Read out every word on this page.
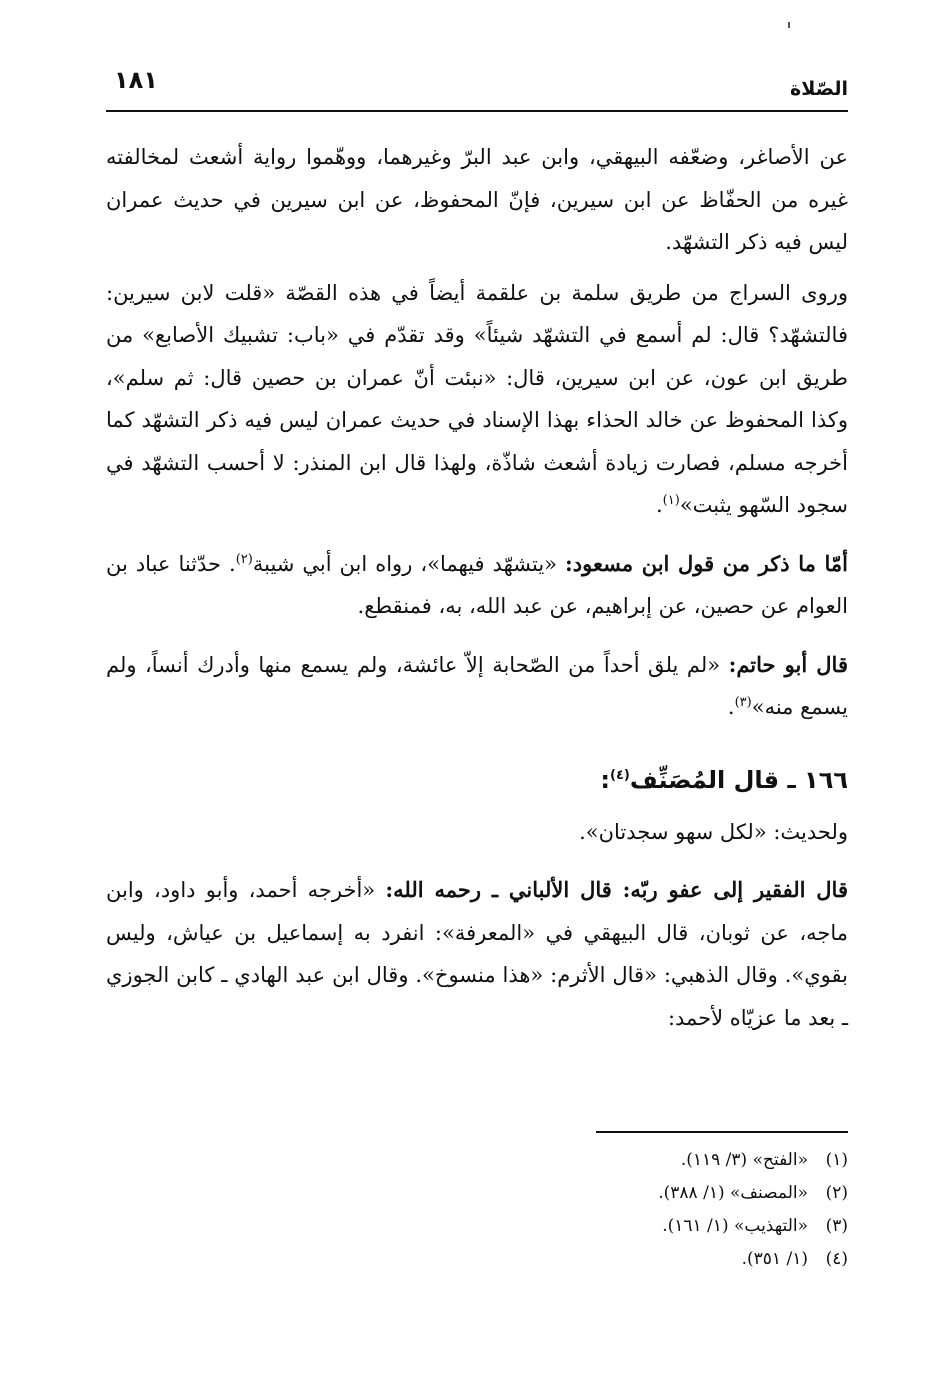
الصّلاة
١٨١

عن الأصاغر، وضعّفه البيهقي، وابن عبد البرّ وغيرهما، ووهّموا رواية أشعث لمخالفته غيره من الحفّاظ عن ابن سيرين، فإنّ المحفوظ، عن ابن سيرين في حديث عمران ليس فيه ذكر التشهّد.

وروى السراج من طريق سلمة بن علقمة أيضاً في هذه القصّة «قلت لابن سيرين: فالتشهّد؟ قال: لم أسمع في التشهّد شيئاً» وقد تقدّم في «باب: تشبيك الأصابع» من طريق ابن عون، عن ابن سيرين، قال: «نبئت أنّ عمران بن حصين قال: ثم سلم»، وكذا المحفوظ عن خالد الحذاء بهذا الإسناد في حديث عمران ليس فيه ذكر التشهّد كما أخرجه مسلم، فصارت زيادة أشعث شاذّة، ولهذا قال ابن المنذر: لا أحسب التشهّد في سجود السّهو يثبت»$^{(١)}$.

أمّا ما ذكر من قول ابن مسعود: «يتشهّد فيهما»، رواه ابن أبي شيبة$^{(٢)}$. حدّثنا عباد بن العوام عن حصين، عن إبراهيم، عن عبد الله، به، فمنقطع.

قال أبو حاتم: «لم يلق أحداً من الصّحابة إلاّ عائشة، ولم يسمع منها وأدرك أنساً، ولم يسمع منه»$^{(٣)}$.

١٦٦ ـ قال المُصَنِّف$^{(٤)}$:

ولحديث: «لكل سهو سجدتان».

قال الفقير إلى عفو ربّه: قال الألباني ـ رحمه الله: «أخرجه أحمد، وأبو داود، وابن ماجه، عن ثوبان، قال البيهقي في «المعرفة»: انفرد به إسماعيل بن عياش، وليس بقوي». وقال الذهبي: «قال الأثرم: «هذا منسوخ». وقال ابن عبد الهادي ـ كابن الجوزي ـ بعد ما عزيّاه لأحمد:

(١)
«الفتح» (٣/ ١١٩).
(٢)
«المصنف» (١/ ٣٨٨).
(٣)
«التهذيب» (١/ ١٦١).
(٤)
(١/ ٣٥١).
